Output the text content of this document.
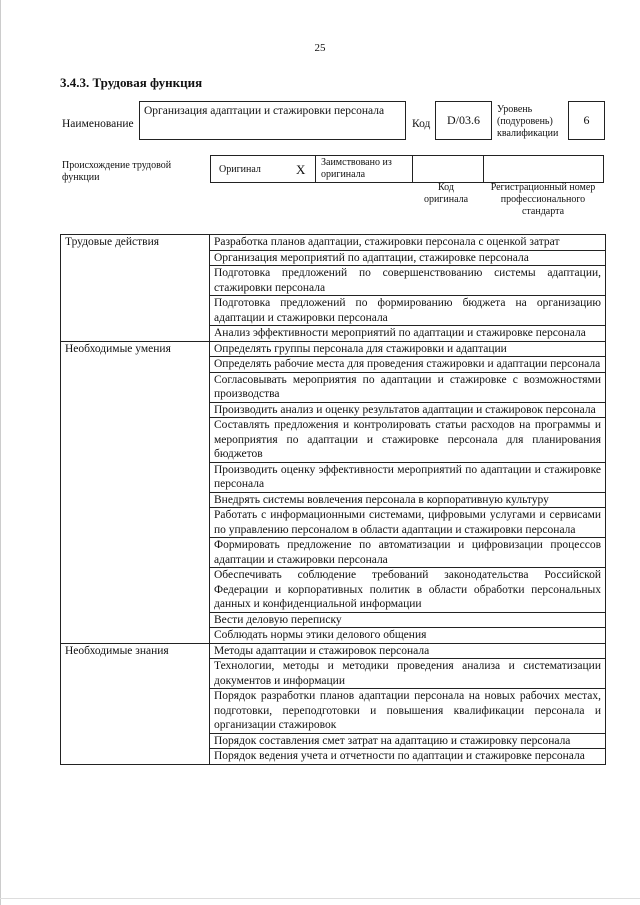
25
3.4.3. Трудовая функция
Наименование
Организация адаптации и стажировки персонала
Код	D/03.6
Уровень (подуровень) квалификации
6
Происхождение трудовой функции
Оригинал	X Заимствовано из оригинала
Код оригинала
Регистрационный номер профессионального стандарта
Трудовые действия	Разработка планов адаптации, стажировки персонала с оценкой затрат
	Организация мероприятий по адаптации, стажировке персонала
	Подготовка предложений по совершенствованию системы адаптации, стажировки персонала
	Подготовка предложений по формированию бюджета на организацию адаптации и стажировки персонала
	Анализ эффективности мероприятий по адаптации и стажировке персонала
Необходимые умения	Определять группы персонала для стажировки и адаптации
	Определять рабочие места для проведения стажировки и адаптации персонала
	Согласовывать мероприятия по адаптации и стажировке с возможностями производства
	Производить анализ и оценку результатов адаптации и стажировок персонала
	Составлять предложения и контролировать статьи расходов на программы и мероприятия по адаптации и стажировке персонала для планирования бюджетов
	Производить оценку эффективности мероприятий по адаптации и стажировке персонала
	Внедрять системы вовлечения персонала в корпоративную культуру
	Работать с информационными системами, цифровыми услугами и сервисами по управлению персоналом в области адаптации и стажировки персонала
	Формировать предложение по автоматизации и цифровизации процессов адаптации и стажировки персонала
	Обеспечивать соблюдение требований законодательства Российской Федерации и корпоративных политик в области обработки персональных данных и конфиденциальной информации
	Вести деловую переписку
	Соблюдать нормы этики делового общения
Необходимые знания	Методы адаптации и стажировок персонала
	Технологии, методы и методики проведения анализа и систематизации документов и информации
	Порядок разработки планов адаптации персонала на новых рабочих местах, подготовки, переподготовки и повышения квалификации персонала и организации стажировок
	Порядок составления смет затрат на адаптацию и стажировку персонала
	Порядок ведения учета и отчетности по адаптации и стажировке персонала
